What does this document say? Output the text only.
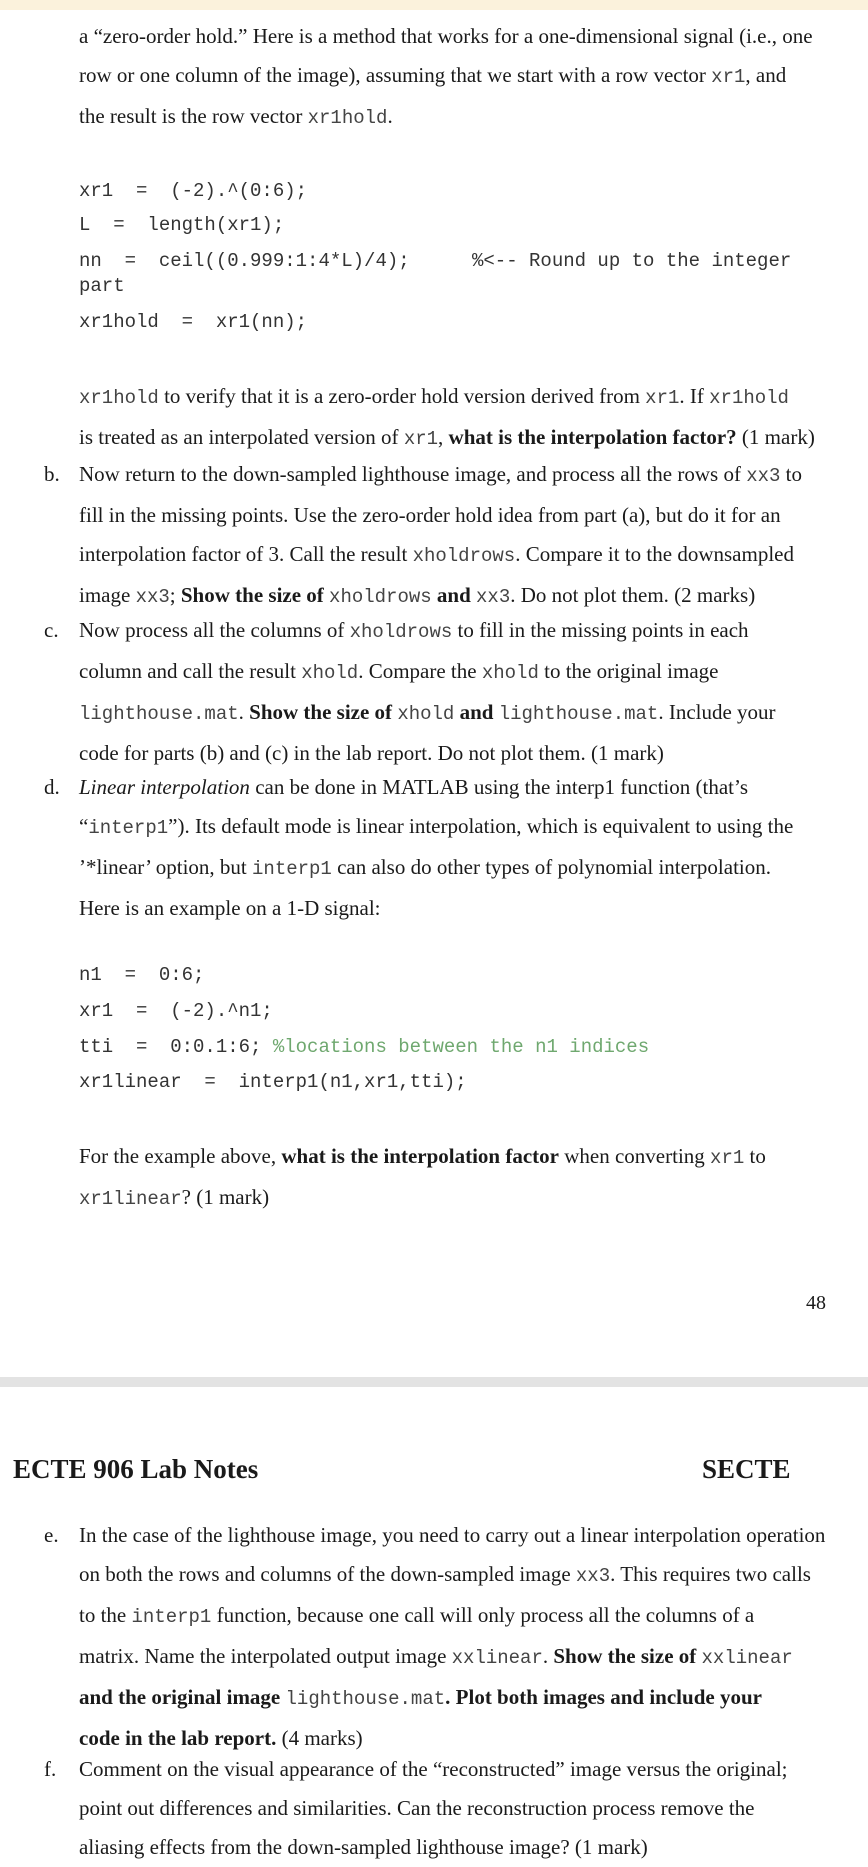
a “zero-order hold.” Here is a method that works for a one-dimensional signal (i.e., one
row or one column of the image), assuming that we start with a row vector xr1, and
the result is the row vector xr1hold.
xr1  =  (-2).^(0:6);
L  =  length(xr1);
nn  =  ceil((0.999:1:4*L)/4);	%<-- Round up to the integer
part
xr1hold  =  xr1(nn);
xr1hold to verify that it is a zero-order hold version derived from xr1. If xr1hold
is treated as an interpolated version of xr1, what is the interpolation factor? (1 mark)
b. Now return to the down-sampled lighthouse image, and process all the rows of xx3 to
fill in the missing points. Use the zero-order hold idea from part (a), but do it for an
interpolation factor of 3. Call the result xholdrows. Compare it to the downsampled
image xx3; Show the size of xholdrows and xx3. Do not plot them. (2 marks)
c. Now process all the columns of xholdrows to fill in the missing points in each
column and call the result xhold. Compare the xhold to the original image
lighthouse.mat. Show the size of xhold and lighthouse.mat. Include your
code for parts (b) and (c) in the lab report. Do not plot them. (1 mark)
d. Linear interpolation can be done in MATLAB using the interp1 function (that’s
“interp1”). Its default mode is linear interpolation, which is equivalent to using the
’*linear’ option, but interp1 can also do other types of polynomial interpolation.
Here is an example on a 1-D signal:
n1  =  0:6;
xr1  =  (-2).^n1;
tti  =  0:0.1:6; %locations between the n1 indices
xr1linear  =  interp1(n1,xr1,tti);
For the example above, what is the interpolation factor when converting xr1 to
xr1linear? (1 mark)
48
ECTE 906 Lab Notes	SECTE
e. In the case of the lighthouse image, you need to carry out a linear interpolation operation
on both the rows and columns of the down-sampled image xx3. This requires two calls
to the interp1 function, because one call will only process all the columns of a
matrix. Name the interpolated output image xxlinear. Show the size of xxlinear
and the original image lighthouse.mat. Plot both images and include your
code in the lab report. (4 marks)
f. Comment on the visual appearance of the “reconstructed” image versus the original;
point out differences and similarities. Can the reconstruction process remove the
aliasing effects from the down-sampled lighthouse image? (1 mark)
